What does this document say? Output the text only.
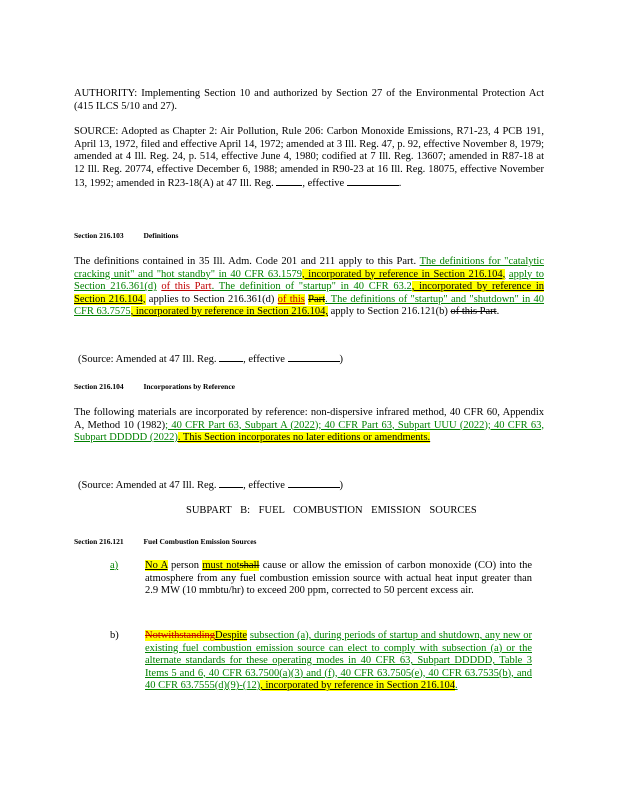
AUTHORITY: Implementing Section 10 and authorized by Section 27 of the Environmental Protection Act (415 ILCS 5/10 and 27).
SOURCE: Adopted as Chapter 2: Air Pollution, Rule 206: Carbon Monoxide Emissions, R71-23, 4 PCB 191, April 13, 1972, filed and effective April 14, 1972; amended at 3 Ill. Reg. 47, p. 92, effective November 8, 1979; amended at 4 Ill. Reg. 24, p. 514, effective June 4, 1980; codified at 7 Ill. Reg. 13607; amended in R87-18 at 12 Ill. Reg. 20774, effective December 6, 1988; amended in R90-23 at 16 Ill. Reg. 18075, effective November 13, 1992; amended in R23-18(A) at 47 Ill. Reg.	, effective	.
Section 216.103	Definitions
The definitions contained in 35 Ill. Adm. Code 201 and 211 apply to this Part. The definitions for "catalytic cracking unit" and "hot standby" in 40 CFR 63.1579, incorporated by reference in Section 216.104, apply to Section 216.361(d) of this Part. The definition of "startup" in 40 CFR 63.2, incorporated by reference in Section 216.104, applies to Section 216.361(d) of this Part. The definitions of "startup" and "shutdown" in 40 CFR 63.7575, incorporated by reference in Section 216.104, apply to Section 216.121(b) of this Part.
(Source: Amended at 47 Ill. Reg.	, effective	)
Section 216.104	Incorporations by Reference
The following materials are incorporated by reference: non-dispersive infrared method, 40 CFR 60, Appendix A, Method 10 (1982); 40 CFR Part 63, Subpart A (2022); 40 CFR Part 63, Subpart UUU (2022); 40 CFR 63, Subpart DDDDD (2022). This Section incorporates no later editions or amendments.
(Source: Amended at 47 Ill. Reg.	, effective	)
SUBPART B: FUEL COMBUSTION EMISSION SOURCES
Section 216.121	Fuel Combustion Emission Sources
a)	No A person must notshall cause or allow the emission of carbon monoxide (CO) into the atmosphere from any fuel combustion emission source with actual heat input greater than 2.9 MW (10 mmbtu/hr) to exceed 200 ppm, corrected to 50 percent excess air.
b)	NotwithstandingDespite subsection (a), during periods of startup and shutdown, any new or existing fuel combustion emission source can elect to comply with subsection (a) or the alternate standards for these operating modes in 40 CFR 63, Subpart DDDDD, Table 3 Items 5 and 6, 40 CFR 63.7500(a)(3) and (f), 40 CFR 63.7505(e), 40 CFR 63.7535(b), and 40 CFR 63.7555(d)(9)-(12), incorporated by reference in Section 216.104.
